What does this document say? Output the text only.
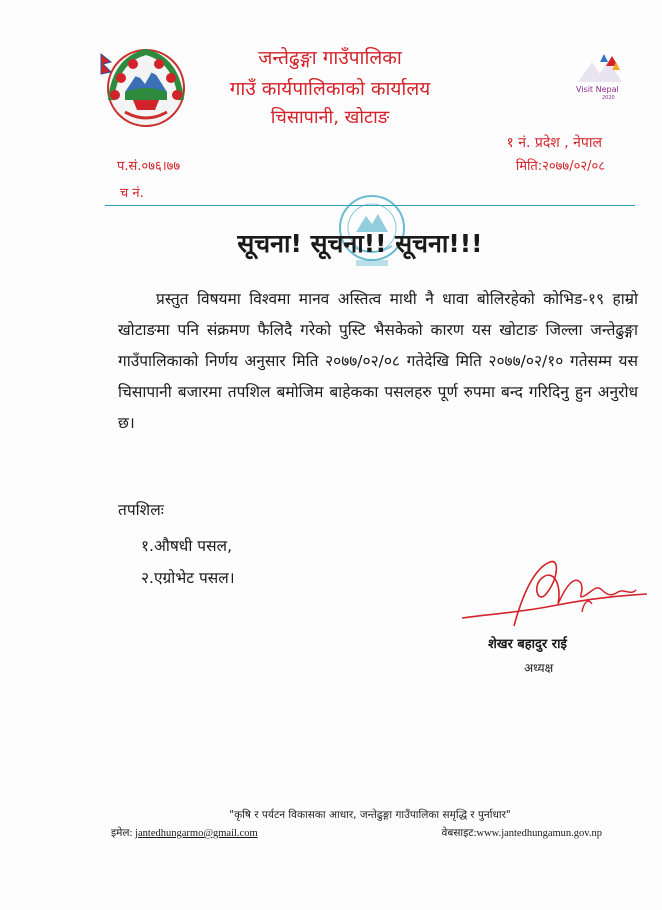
Visit Nepal
2020
जन्तेढुङ्गा गाउँपालिका
गाउँ कार्यपालिकाको कार्यालय
चिसापानी, खोटाङ
१ नं. प्रदेश , नेपाल
प.सं.०७६।७७	मिति:२०७७/०२/०८
च नं.
सूचना! सूचना!! सूचना!!!
प्रस्तुत विषयमा विश्वमा मानव अस्तित्व माथी नै धावा बोलिरहेको कोभिड-१९ हाम्रो खोटाङमा पनि संक्रमण फैलिदै गरेको पुस्टि भैसकेको कारण यस खोटाङ जिल्ला जन्तेढुङ्गा गाउँपालिकाको निर्णय अनुसार मिति २०७७/०२/०८ गतेदेखि मिति २०७७/०२/१० गतेसम्म यस चिसापानी बजारमा तपशिल बमोजिम बाहेकका पसलहरु पूर्ण रुपमा बन्द गरिदिनु हुन अनुरोध छ।
तपशिलः
१.औषधी पसल,
२.एग्रोभेट पसल।
शेखर बहादुर राई
अध्यक्ष
"कृषि र पर्यटन विकासका आधार, जन्तेढुङ्गा गाउँपालिका समृद्धि र पुर्नाधार"
इमेल: jantedhungarmo@gmail.com	वेबसाइट:www.jantedhungamun.gov.np
